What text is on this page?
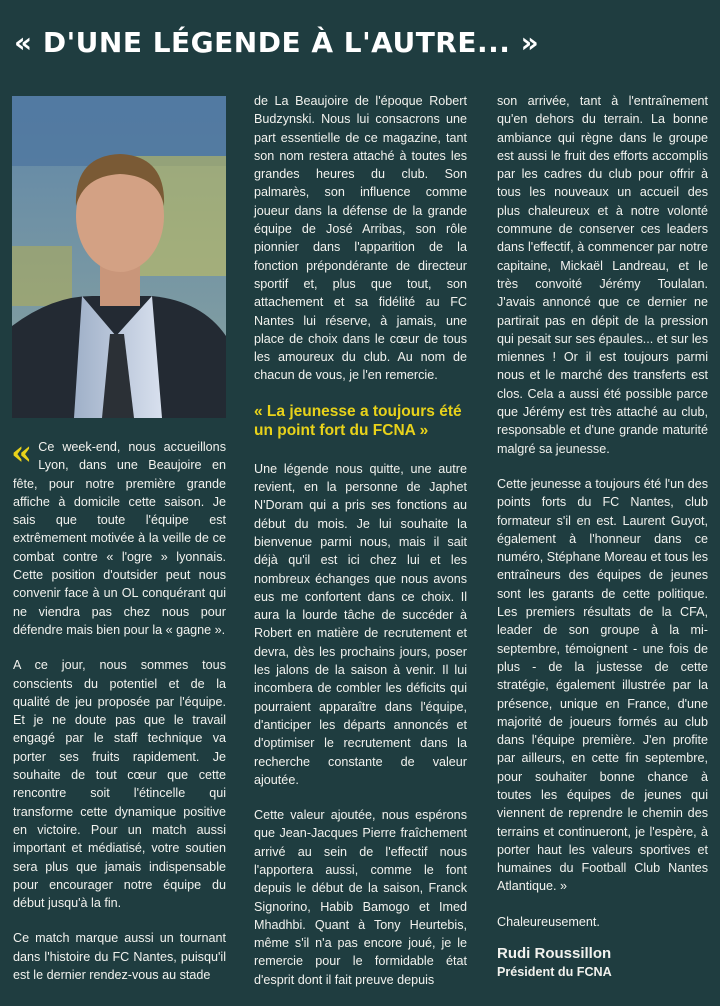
« D'UNE LÉGENDE À L'AUTRE... »

« Ce week-end, nous accueillons Lyon, dans une Beaujoire en fête, pour notre première grande affiche à domicile cette saison. Je sais que toute l'équipe est extrêmement motivée à la veille de ce combat contre « l'ogre » lyonnais. Cette position d'outsider peut nous convenir face à un OL conquérant qui ne viendra pas chez nous pour défendre mais bien pour la « gagne ».

A ce jour, nous sommes tous conscients du potentiel et de la qualité de jeu proposée par l'équipe. Et je ne doute pas que le travail engagé par le staff technique va porter ses fruits rapidement. Je souhaite de tout cœur que cette rencontre soit l'étincelle qui transforme cette dynamique positive en victoire. Pour un match aussi important et médiatisé, votre soutien sera plus que jamais indispensable pour encourager notre équipe du début jusqu'à la fin.

Ce match marque aussi un tournant dans l'histoire du FC Nantes, puisqu'il est le dernier rendez-vous au stade

de La Beaujoire de l'époque Robert Budzynski. Nous lui consacrons une part essentielle de ce magazine, tant son nom restera attaché à toutes les grandes heures du club. Son palmarès, son influence comme joueur dans la défense de la grande équipe de José Arribas, son rôle pionnier dans l'apparition de la fonction prépondérante de directeur sportif et, plus que tout, son attachement et sa fidélité au FC Nantes lui réserve, à jamais, une place de choix dans le cœur de tous les amoureux du club. Au nom de chacun de vous, je l'en remercie.

« La jeunesse a toujours été un point fort du FCNA »

Une légende nous quitte, une autre revient, en la personne de Japhet N'Doram qui a pris ses fonctions au début du mois. Je lui souhaite la bienvenue parmi nous, mais il sait déjà qu'il est ici chez lui et les nombreux échanges que nous avons eus me confortent dans ce choix. Il aura la lourde tâche de succéder à Robert en matière de recrutement et devra, dès les prochains jours, poser les jalons de la saison à venir. Il lui incombera de combler les déficits qui pourraient apparaître dans l'équipe, d'anticiper les départs annoncés et d'optimiser le recrutement dans la recherche constante de valeur ajoutée.

Cette valeur ajoutée, nous espérons que Jean-Jacques Pierre fraîchement arrivé au sein de l'effectif nous l'apportera aussi, comme le font depuis le début de la saison, Franck Signorino, Habib Bamogo et Imed Mhadhbi. Quant à Tony Heurtebis, même s'il n'a pas encore joué, je le remercie pour le formidable état d'esprit dont il fait preuve depuis

son arrivée, tant à l'entraînement qu'en dehors du terrain. La bonne ambiance qui règne dans le groupe est aussi le fruit des efforts accomplis par les cadres du club pour offrir à tous les nouveaux un accueil des plus chaleureux et à notre volonté commune de conserver ces leaders dans l'effectif, à commencer par notre capitaine, Mickaël Landreau, et le très convoité Jérémy Toulalan. J'avais annoncé que ce dernier ne partirait pas en dépit de la pression qui pesait sur ses épaules... et sur les miennes ! Or il est toujours parmi nous et le marché des transferts est clos. Cela a aussi été possible parce que Jérémy est très attaché au club, responsable et d'une grande maturité malgré sa jeunesse.

Cette jeunesse a toujours été l'un des points forts du FC Nantes, club formateur s'il en est. Laurent Guyot, également à l'honneur dans ce numéro, Stéphane Moreau et tous les entraîneurs des équipes de jeunes sont les garants de cette politique. Les premiers résultats de la CFA, leader de son groupe à la mi-septembre, témoignent - une fois de plus - de la justesse de cette stratégie, également illustrée par la présence, unique en France, d'une majorité de joueurs formés au club dans l'équipe première. J'en profite par ailleurs, en cette fin septembre, pour souhaiter bonne chance à toutes les équipes de jeunes qui viennent de reprendre le chemin des terrains et continueront, je l'espère, à porter haut les valeurs sportives et humaines du Football Club Nantes Atlantique. »

Chaleureusement.

Rudi Roussillon
Président du FCNA
